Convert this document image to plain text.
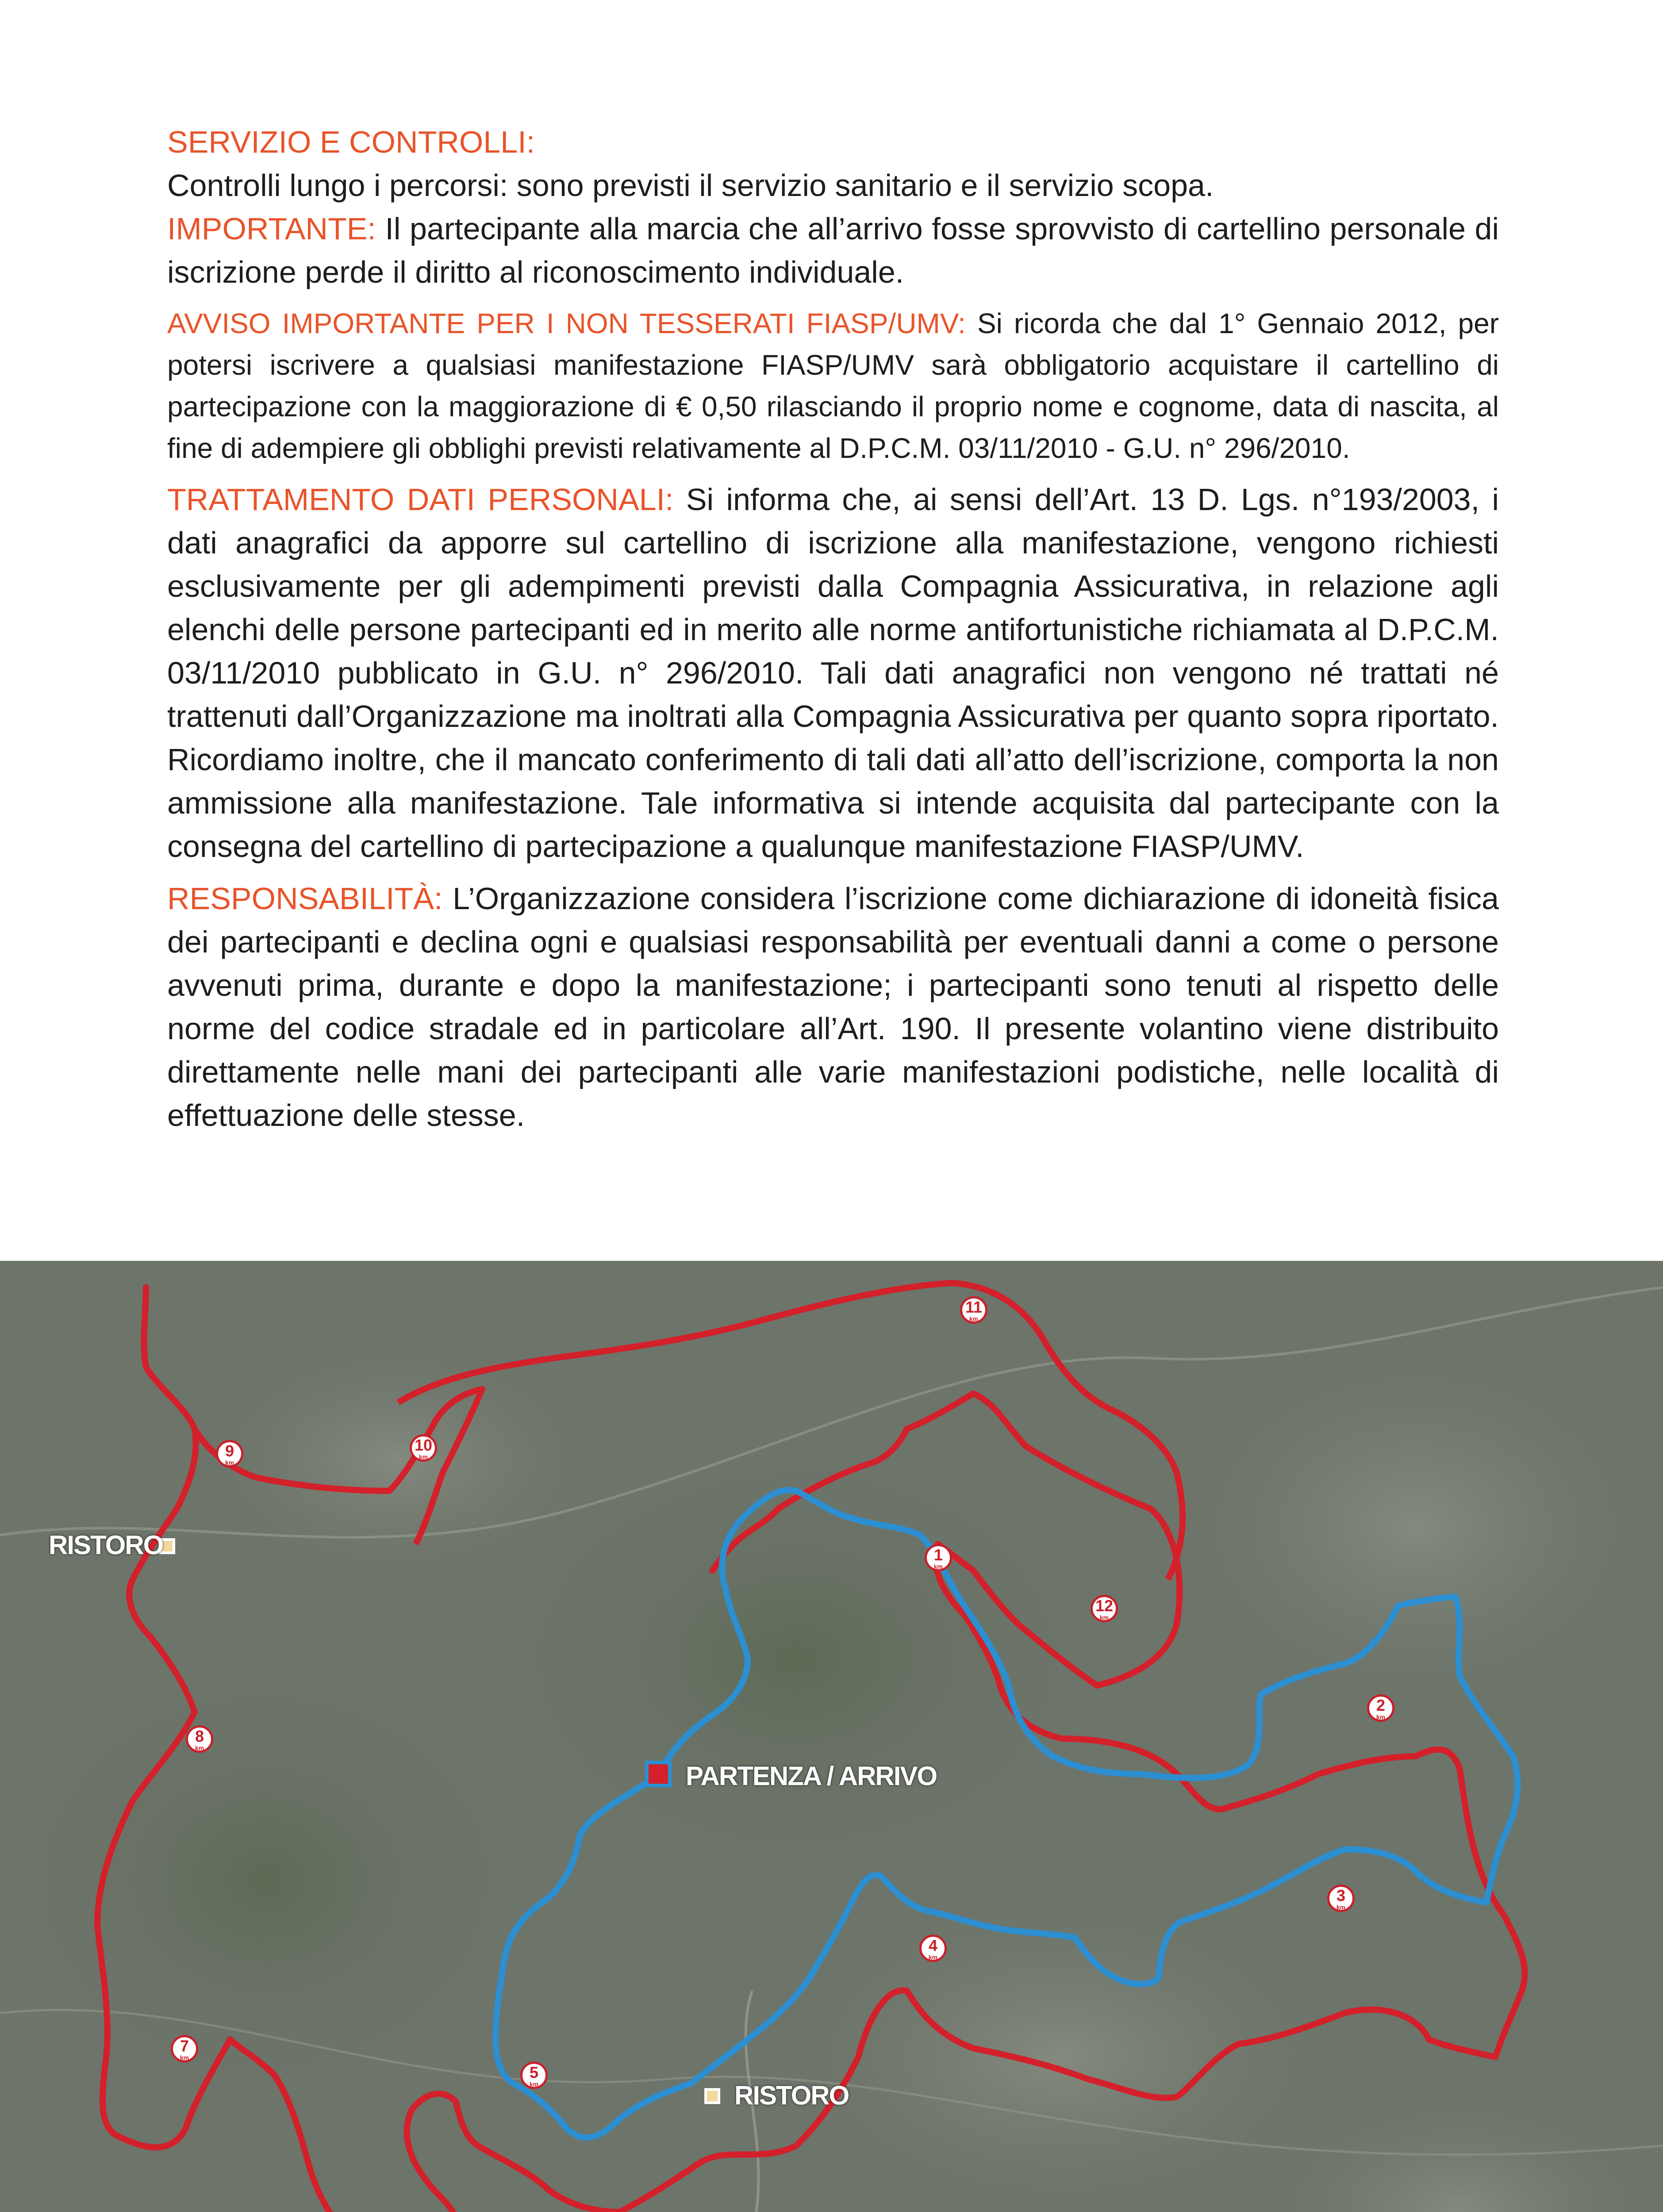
SERVIZIO E CONTROLLI:
Controlli lungo i percorsi: sono previsti il servizio sanitario e il servizio scopa.
IMPORTANTE: Il partecipante alla marcia che all’arrivo fosse sprovvisto di cartellino personale di iscrizione perde il diritto al riconoscimento individuale.

AVVISO IMPORTANTE PER I NON TESSERATI FIASP/UMV: Si ricorda che dal 1° Gennaio 2012, per potersi iscrivere a qualsiasi manifestazione FIASP/UMV sarà obbligatorio acquistare il cartellino di partecipazione con la maggiorazione di € 0,50 rilasciando il proprio nome e cognome, data di nascita, al fine di adempiere gli obblighi previsti relativamente al D.P.C.M. 03/11/2010 - G.U. n° 296/2010.

TRATTAMENTO DATI PERSONALI: Si informa che, ai sensi dell’Art. 13 D. Lgs. n°193/2003, i dati anagrafici da apporre sul cartellino di iscrizione alla manifestazione, vengono richiesti esclusivamente per gli adempimenti previsti dalla Compagnia Assicurativa, in relazione agli elenchi delle persone partecipanti ed in merito alle norme antifortunistiche richiamata al D.P.C.M. 03/11/2010 pubblicato in G.U. n° 296/2010. Tali dati anagrafici non vengono né trattati né trattenuti dall’Organizzazione ma inoltrati alla Compagnia Assicurativa per quanto sopra riportato. Ricordiamo inoltre, che il mancato conferimento di tali dati all’atto dell’iscrizione, comporta la non ammissione alla manifestazione. Tale informativa si intende acquisita dal partecipante con la consegna del cartellino di partecipazione a qualunque manifestazione FIASP/UMV.

RESPONSABILITÀ: L’Organizzazione considera l’iscrizione come dichiarazione di idoneità fisica dei partecipanti e declina ogni e qualsiasi responsabilità per eventuali danni a come o persone avvenuti prima, durante e dopo la manifestazione; i partecipanti sono tenuti al rispetto delle norme del codice stradale ed in particolare all’Art. 190. Il presente volantino viene distribuito direttamente nelle mani dei partecipanti alle varie manifestazioni podistiche, nelle località di effettuazione delle stesse.

RISTORO
PARTENZA / ARRIVO
RISTORO
1
km
2
km
3
km
4
km
5
km
7
km
8
km
9
km
10
km
11
km
12
km
